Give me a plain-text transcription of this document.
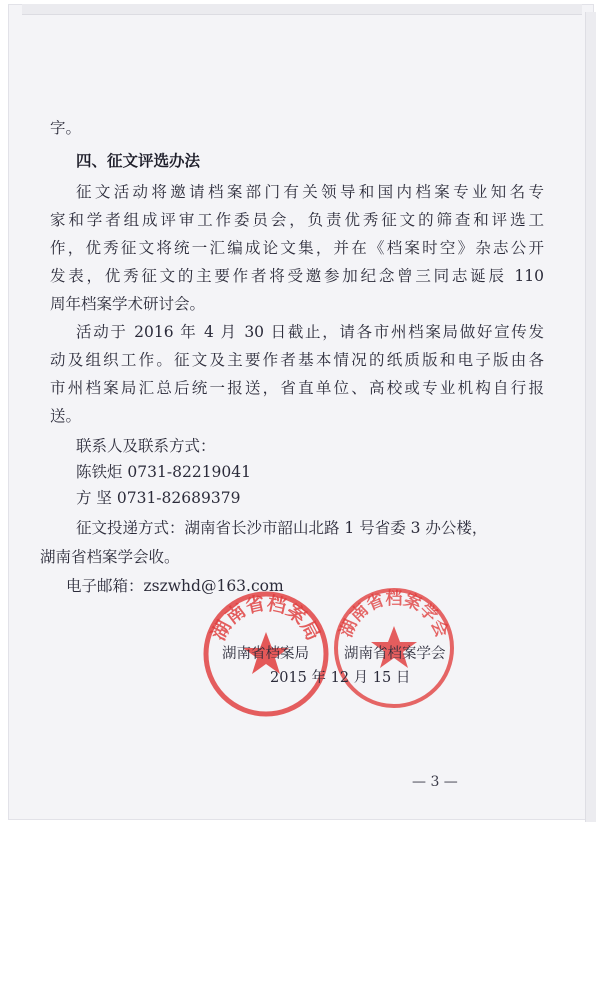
字。
四、征文评选办法
征文活动将邀请档案部门有关领导和国内档案专业知名专
家和学者组成评审工作委员会，负责优秀征文的筛查和评选工
作，优秀征文将统一汇编成论文集，并在《档案时空》杂志公开
发表，优秀征文的主要作者将受邀参加纪念曾三同志诞辰 110
周年档案学术研讨会。
活动于 2016 年 4 月 30 日截止，请各市州档案局做好宣传发
动及组织工作。征文及主要作者基本情况的纸质版和电子版由各
市州档案局汇总后统一报送，省直单位、高校或专业机构自行报
送。
联系人及联系方式：
陈铁炬 0731-82219041
方 坚 0731-82689379
征文投递方式：湖南省长沙市韶山北路 1 号省委 3 办公楼，
湖南省档案学会收。
电子邮箱：zszwhd@163.com
湖南省档案局 湖南省档案学会
湖南省档案局 湖南省档案学会
2015 年 12 月 15 日
— 3 —
